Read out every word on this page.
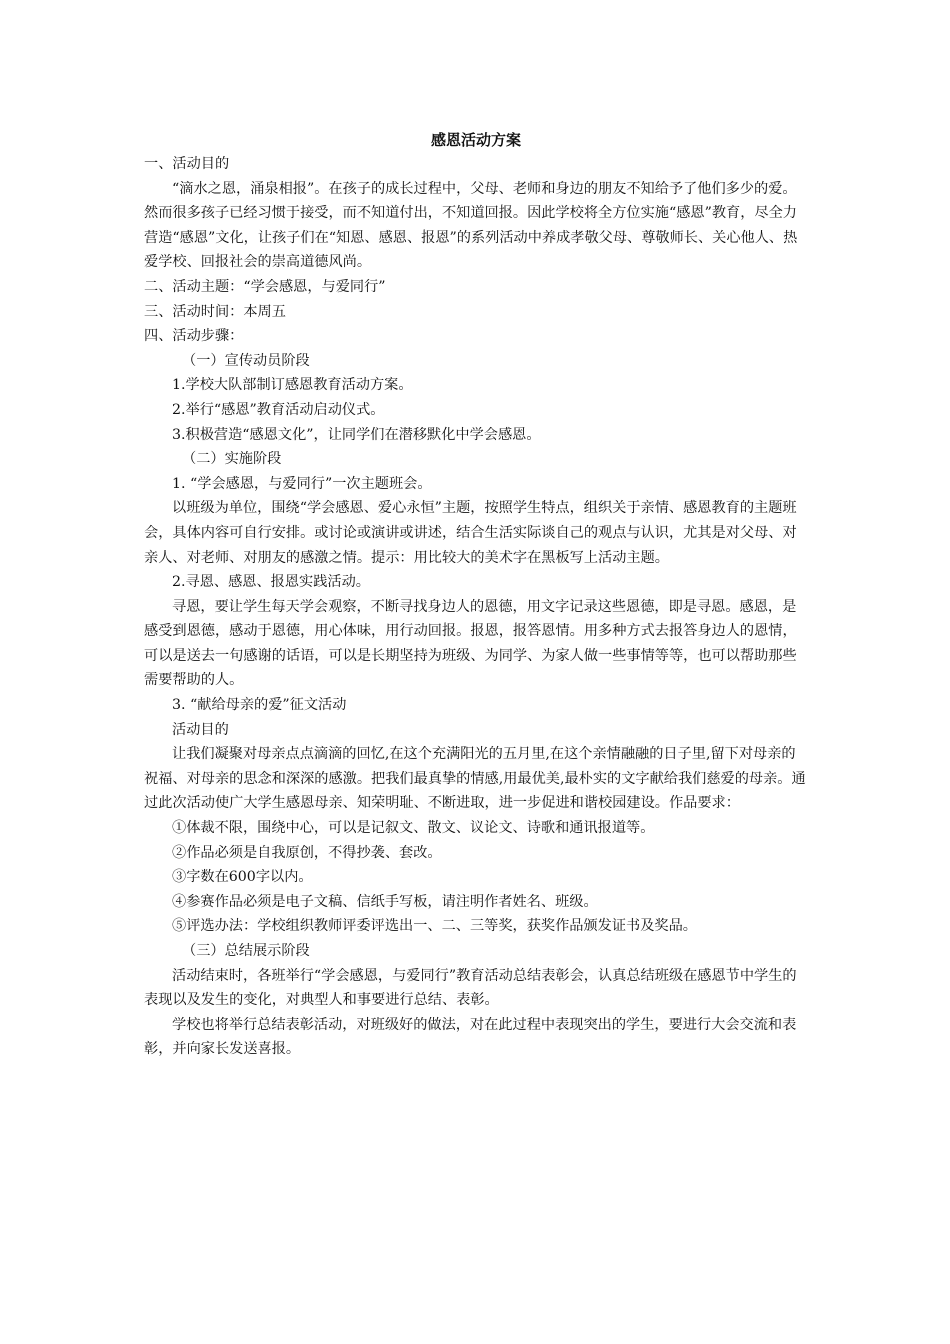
感恩活动方案

一、活动目的

“滴水之恩，涌泉相报”。在孩子的成长过程中，父母、老师和身边的朋友不知给予了他们多少的爱。然而很多孩子已经习惯于接受，而不知道付出，不知道回报。因此学校将全方位实施“感恩”教育，尽全力营造“感恩”文化，让孩子们在“知恩、感恩、报恩”的系列活动中养成孝敬父母、尊敬师长、关心他人、热爱学校、回报社会的崇高道德风尚。

二、活动主题：“学会感恩，与爱同行”

三、活动时间：本周五

四、活动步骤：

（一）宣传动员阶段

1.学校大队部制订感恩教育活动方案。

2.举行“感恩”教育活动启动仪式。

3.积极营造“感恩文化”，让同学们在潜移默化中学会感恩。

（二）实施阶段

1. “学会感恩，与爱同行”一次主题班会。

以班级为单位，围绕“学会感恩、爱心永恒”主题，按照学生特点，组织关于亲情、感恩教育的主题班会，具体内容可自行安排。或讨论或演讲或讲述，结合生活实际谈自己的观点与认识，尤其是对父母、对亲人、对老师、对朋友的感激之情。提示：用比较大的美术字在黑板写上活动主题。

2.寻恩、感恩、报恩实践活动。

寻恩，要让学生每天学会观察，不断寻找身边人的恩德，用文字记录这些恩德，即是寻恩。感恩，是感受到恩德，感动于恩德，用心体味，用行动回报。报恩，报答恩情。用多种方式去报答身边人的恩情，可以是送去一句感谢的话语，可以是长期坚持为班级、为同学、为家人做一些事情等等，也可以帮助那些需要帮助的人。

3. “献给母亲的爱”征文活动

活动目的

让我们凝聚对母亲点点滴滴的回忆,在这个充满阳光的五月里,在这个亲情融融的日子里,留下对母亲的祝福、对母亲的思念和深深的感激。把我们最真挚的情感,用最优美,最朴实的文字献给我们慈爱的母亲。通过此次活动使广大学生感恩母亲、知荣明耻、不断进取，进一步促进和谐校园建设。作品要求：

①体裁不限，围绕中心，可以是记叙文、散文、议论文、诗歌和通讯报道等。

②作品必须是自我原创，不得抄袭、套改。

③字数在600字以内。

④参赛作品必须是电子文稿、信纸手写板，请注明作者姓名、班级。

⑤评选办法：学校组织教师评委评选出一、二、三等奖，获奖作品颁发证书及奖品。

（三）总结展示阶段

活动结束时，各班举行“学会感恩，与爱同行”教育活动总结表彰会，认真总结班级在感恩节中学生的表现以及发生的变化，对典型人和事要进行总结、表彰。

学校也将举行总结表彰活动，对班级好的做法，对在此过程中表现突出的学生，要进行大会交流和表彰，并向家长发送喜报。
